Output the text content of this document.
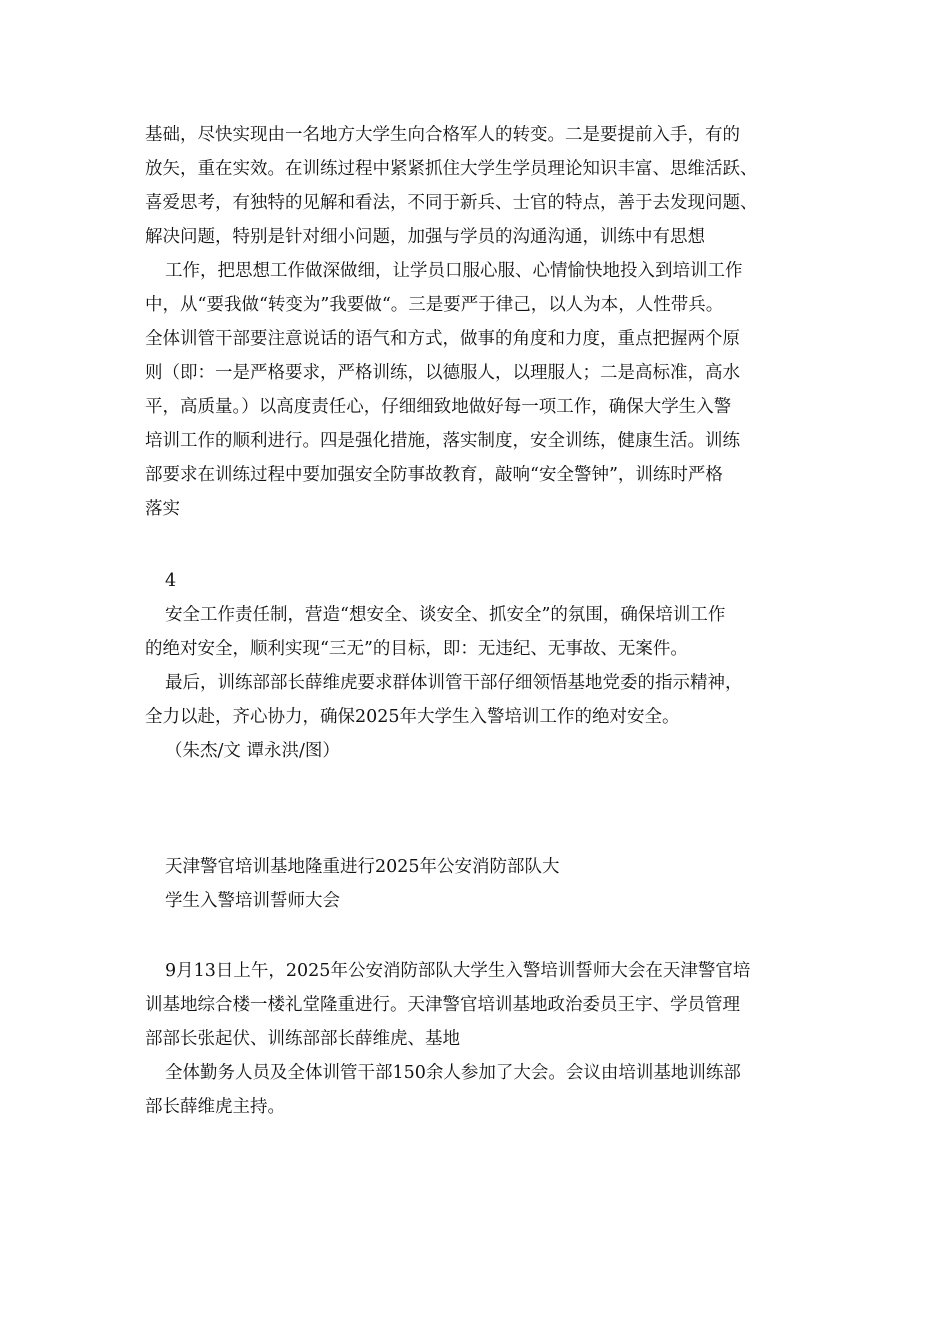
基础，尽快实现由一名地方大学生向合格军人的转变。二是要提前入手，有的
放矢，重在实效。在训练过程中紧紧抓住大学生学员理论知识丰富、思维活跃、
喜爱思考，有独特的见解和看法，不同于新兵、士官的特点，善于去发现问题、
解决问题，特别是针对细小问题，加强与学员的沟通沟通，训练中有思想
工作，把思想工作做深做细，让学员口服心服、心情愉快地投入到培训工作
中，从“要我做“转变为”我要做“。三是要严于律己，以人为本，人性带兵。
全体训管干部要注意说话的语气和方式，做事的角度和力度，重点把握两个原
则（即：一是严格要求，严格训练，以德服人，以理服人；二是高标准，高水
平，高质量。）以高度责任心，仔细细致地做好每一项工作，确保大学生入警
培训工作的顺利进行。四是强化措施，落实制度，安全训练，健康生活。训练
部要求在训练过程中要加强安全防事故教育，敲响“安全警钟”，训练时严格
落实
4
安全工作责任制，营造“想安全、谈安全、抓安全”的氛围，确保培训工作
的绝对安全，顺利实现“三无”的目标，即：无违纪、无事故、无案件。
最后，训练部部长薛维虎要求群体训管干部仔细领悟基地党委的指示精神，
全力以赴，齐心协力，确保2025年大学生入警培训工作的绝对安全。
（朱杰/文 谭永洪/图）
天津警官培训基地隆重进行2025年公安消防部队大
学生入警培训誓师大会
9月13日上午，2025年公安消防部队大学生入警培训誓师大会在天津警官培
训基地综合楼一楼礼堂隆重进行。天津警官培训基地政治委员王宇、学员管理
部部长张起伏、训练部部长薛维虎、基地
全体勤务人员及全体训管干部150余人参加了大会。会议由培训基地训练部
部长薛维虎主持。
